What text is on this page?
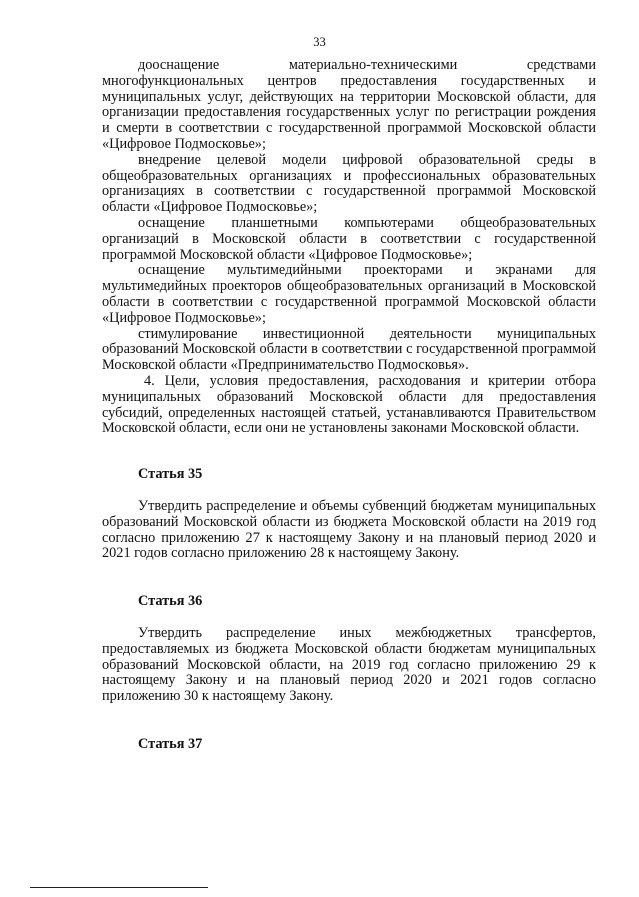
33

дооснащение материально-техническими средствами многофункциональных центров предоставления государственных и муниципальных услуг, действующих на территории Московской области, для организации предоставления государственных услуг по регистрации рождения и смерти в соответствии с государственной программой Московской области «Цифровое Подмосковье»;

внедрение целевой модели цифровой образовательной среды в общеобразовательных организациях и профессиональных образовательных организациях в соответствии с государственной программой Московской области «Цифровое Подмосковье»;

оснащение планшетными компьютерами общеобразовательных организаций в Московской области в соответствии с государственной программой Московской области «Цифровое Подмосковье»;

оснащение мультимедийными проекторами и экранами для мультимедийных проекторов общеобразовательных организаций в Московской области в соответствии с государственной программой Московской области «Цифровое Подмосковье»;

стимулирование инвестиционной деятельности муниципальных образований Московской области в соответствии с государственной программой Московской области «Предпринимательство Подмосковья».

4. Цели, условия предоставления, расходования и критерии отбора муниципальных образований Московской области для предоставления субсидий, определенных настоящей статьей, устанавливаются Правительством Московской области, если они не установлены законами Московской области.

Статья 35

Утвердить распределение и объемы субвенций бюджетам муниципальных образований Московской области из бюджета Московской области на 2019 год согласно приложению 27 к настоящему Закону и на плановый период 2020 и 2021 годов согласно приложению 28 к настоящему Закону.

Статья 36

Утвердить распределение иных межбюджетных трансфертов, предоставляемых из бюджета Московской области бюджетам муниципальных образований Московской области, на 2019 год согласно приложению 29 к настоящему Закону и на плановый период 2020 и 2021 годов согласно приложению 30 к настоящему Закону.

Статья 37
